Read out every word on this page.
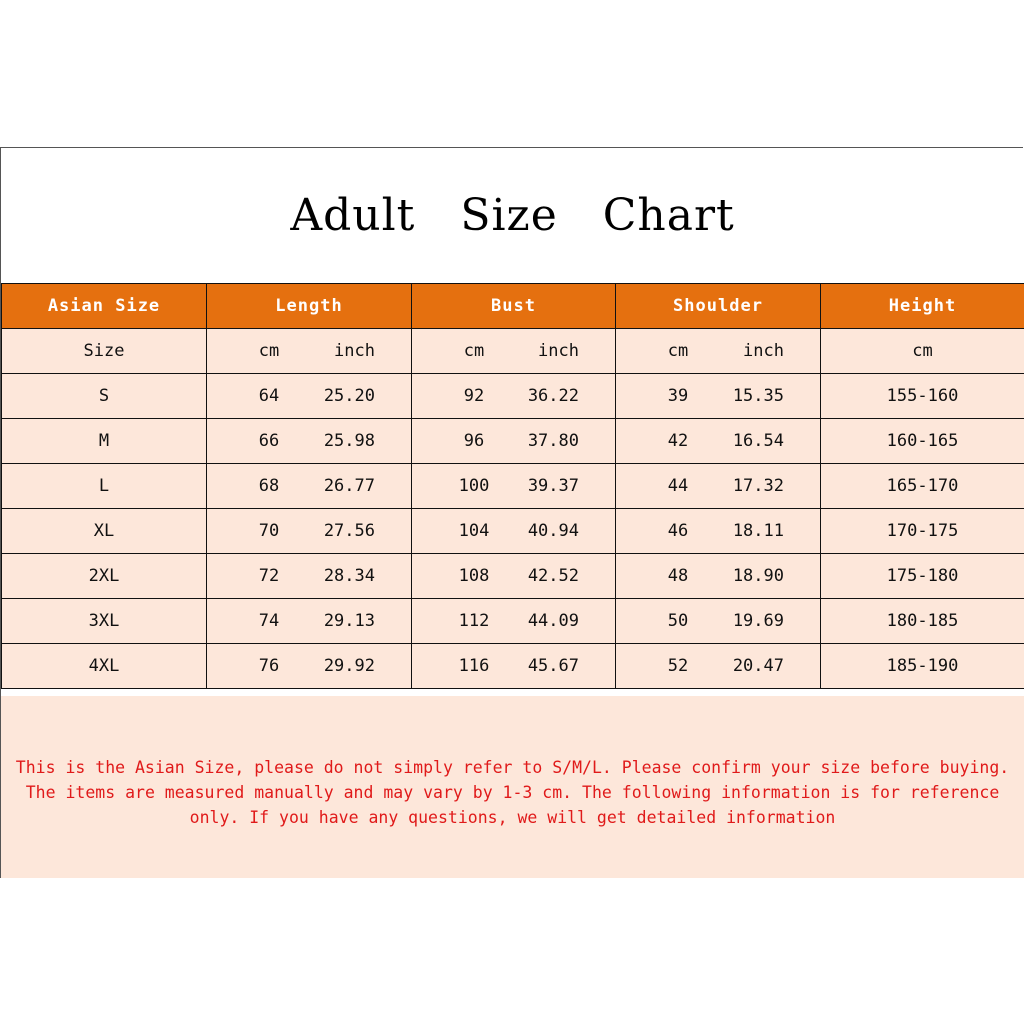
Adult   Size   Chart
Asian Size	Length	Bust	Shoulder	Height
Size	cm inch	cm inch	cm inch	cm
S	64 25.20	92 36.22	39 15.35	155-160
M	66 25.98	96 37.80	42 16.54	160-165
L	68 26.77	100 39.37	44 17.32	165-170
XL	70 27.56	104 40.94	46 18.11	170-175
2XL	72 28.34	108 42.52	48 18.90	175-180
3XL	74 29.13	112 44.09	50 19.69	180-185
4XL	76 29.92	116 45.67	52 20.47	185-190
This is the Asian Size, please do not simply refer to S/M/L. Please confirm your size before buying.
The items are measured manually and may vary by 1-3 cm. The following information is for reference
only. If you have any questions, we will get detailed information
